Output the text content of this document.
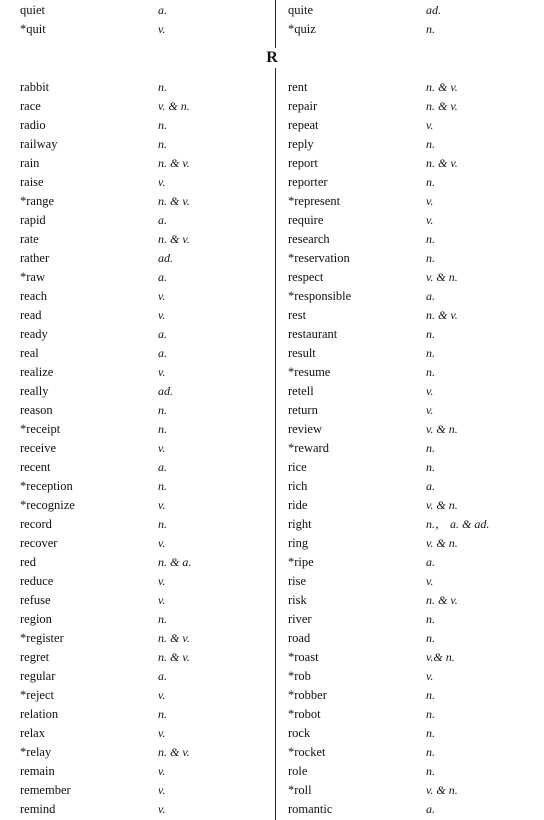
quiet	a.
*quit	v.
quite	ad.
*quiz	n.
R
rabbit	n.
race	v. & n.
radio	n.
railway	n.
rain	n. & v.
raise	v.
*range	n. & v.
rapid	a.
rate	n. & v.
rather	ad.
*raw	a.
reach	v.
read	v.
ready	a.
real	a.
realize	v.
really	ad.
reason	n.
*receipt	n.
receive	v.
recent	a.
*reception	n.
*recognize	v.
record	n.
recover	v.
red	n. & a.
reduce	v.
refuse	v.
region	n.
*register	n. & v.
regret	n. & v.
regular	a.
*reject	v.
relation	n.
relax	v.
*relay	n. & v.
remain	v.
remember	v.
remind	v.
rent	n. & v.
repair	n. & v.
repeat	v.
reply	n.
report	n. & v.
reporter	n.
*represent	v.
require	v.
research	n.
*reservation	n.
respect	v. & n.
*responsible	a.
rest	n. & v.
restaurant	n.
result	n.
*resume	n.
retell	v.
return	v.
review	v. & n.
*reward	n.
rice	n.
rich	a.
ride	v. & n.
right	n.， a. & ad.
ring	v. & n.
*ripe	a.
rise	v.
risk	n. & v.
river	n.
road	n.
*roast	v.& n.
*rob	v.
*robber	n.
*robot	n.
rock	n.
*rocket	n.
role	n.
*roll	v. & n.
romantic	a.
